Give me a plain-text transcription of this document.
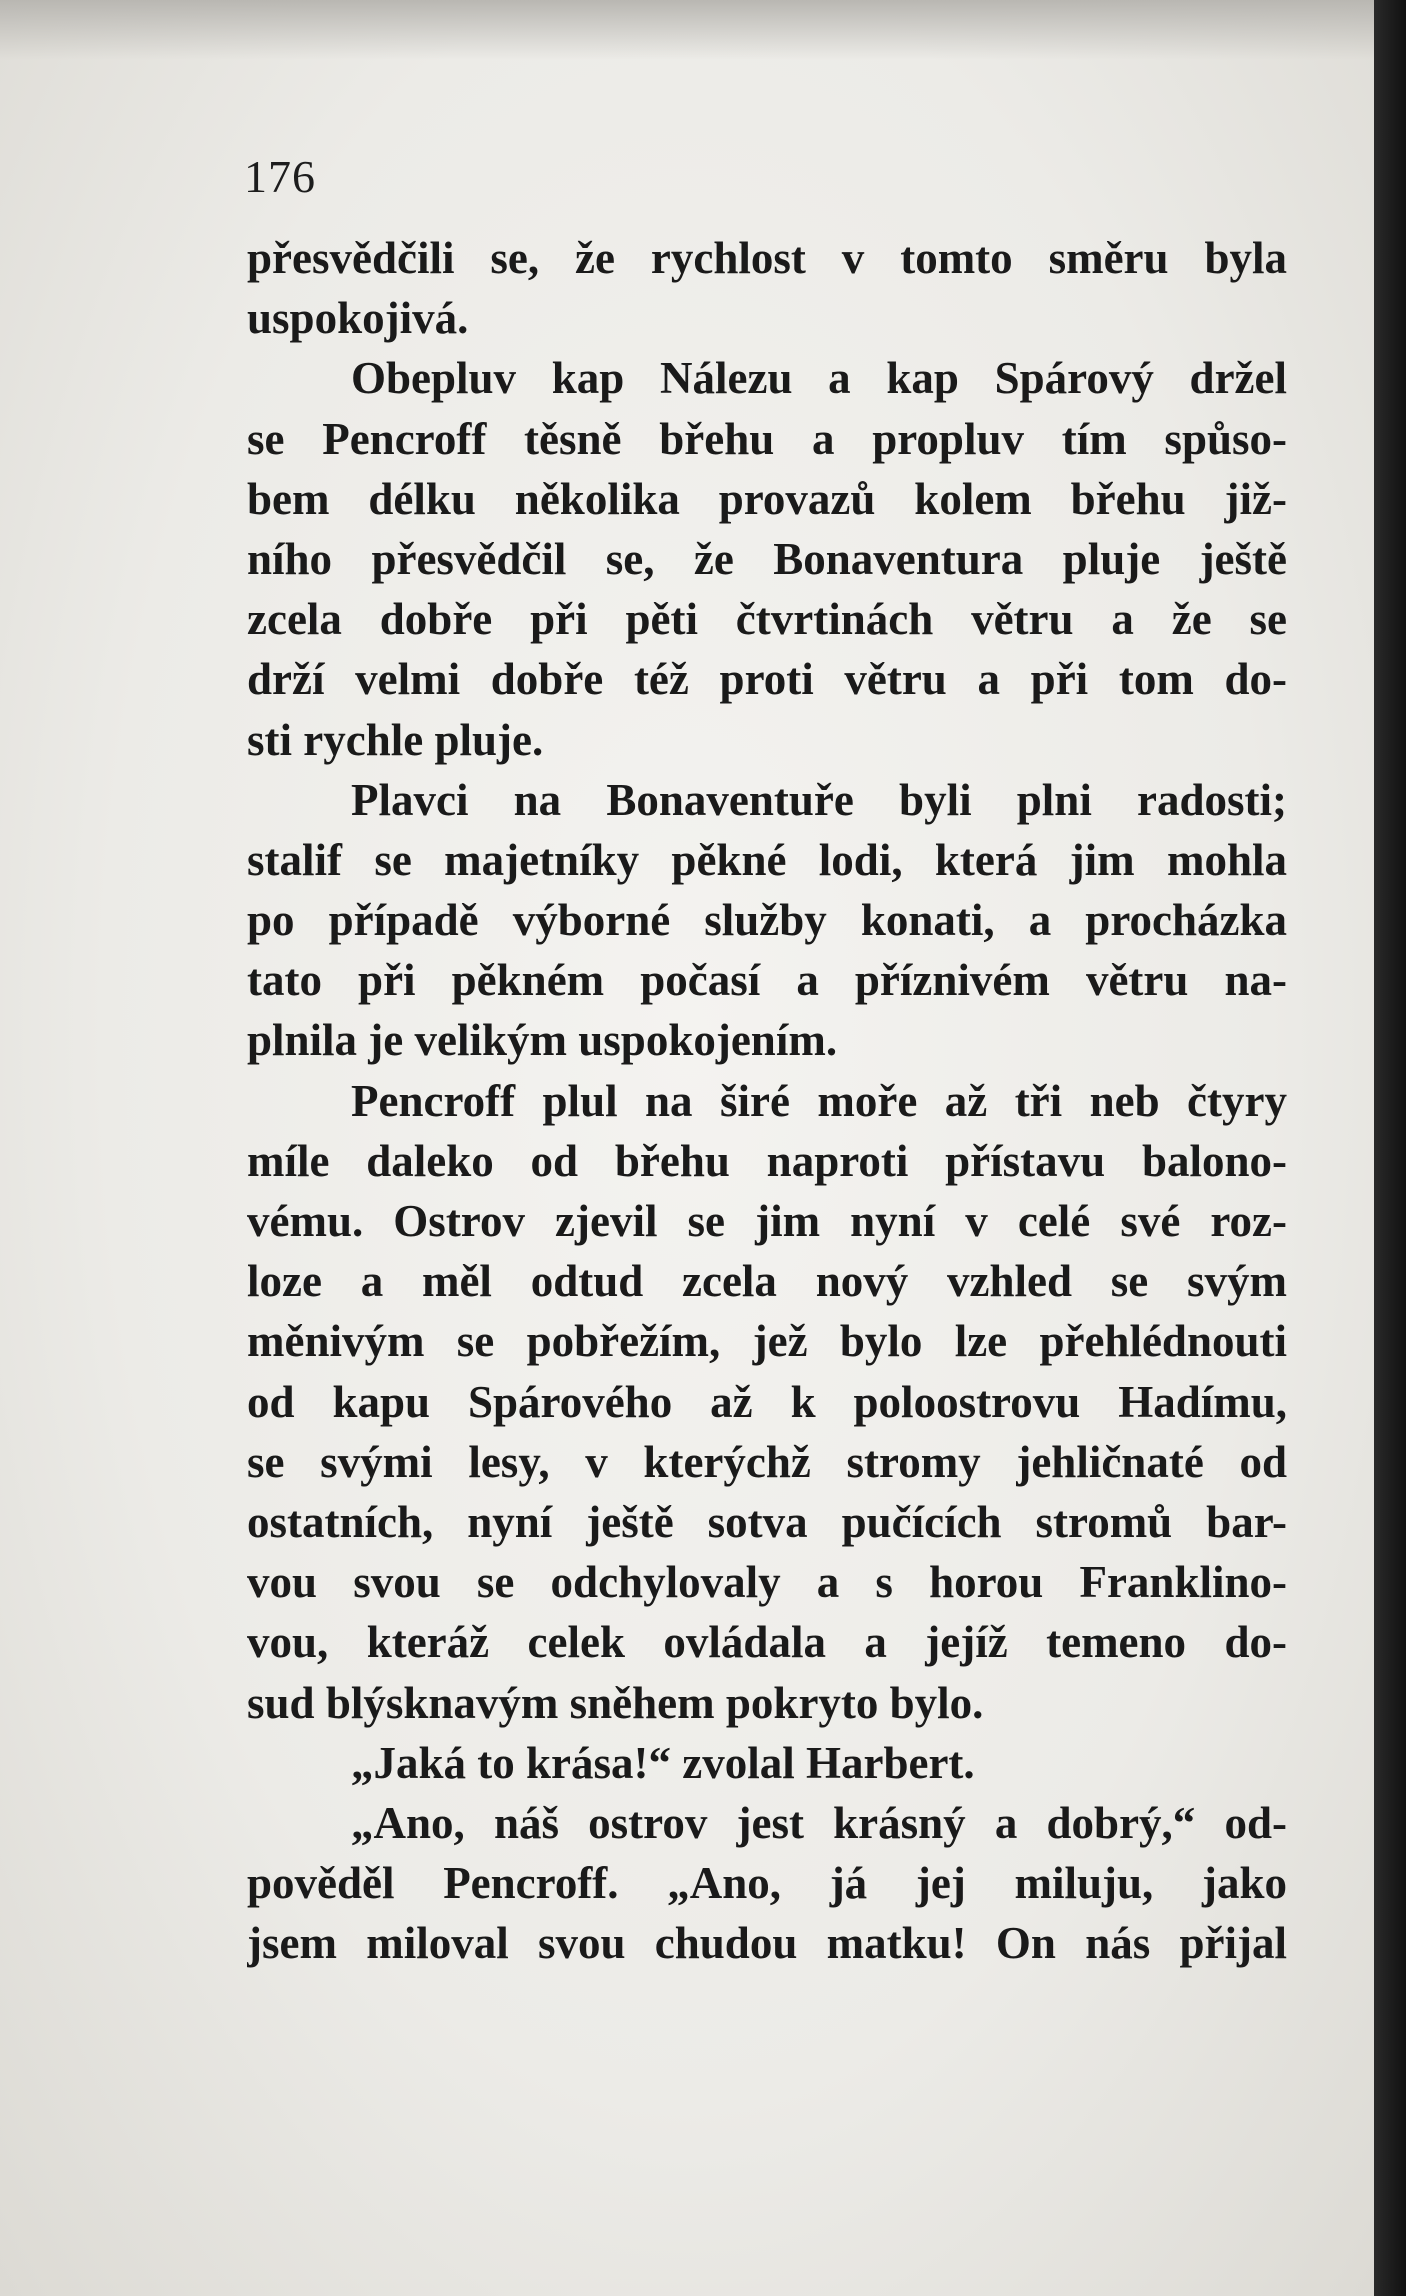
176
přesvědčili se, že rychlost v tomto směru byla
uspokojivá.
Obepluv kap Nálezu a kap Spárový držel
se Pencroff těsně břehu a propluv tím spůso-
bem délku několika provazů kolem břehu již-
ního přesvědčil se, že Bonaventura pluje ještě
zcela dobře při pěti čtvrtinách větru a že se
drží velmi dobře též proti větru a při tom do-
sti rychle pluje.
Plavci na Bonaventuře byli plni radosti;
stalif se majetníky pěkné lodi, která jim mohla
po případě výborné služby konati, a procházka
tato při pěkném počasí a příznivém větru na-
plnila je velikým uspokojením.
Pencroff plul na širé moře až tři neb čtyry
míle daleko od břehu naproti přístavu balono-
vému. Ostrov zjevil se jim nyní v celé své roz-
loze a měl odtud zcela nový vzhled se svým
měnivým se pobřežím, jež bylo lze přehlédnouti
od kapu Spárového až k poloostrovu Hadímu,
se svými lesy, v kterýchž stromy jehličnaté od
ostatních, nyní ještě sotva pučících stromů bar-
vou svou se odchylovaly a s horou Franklino-
vou, kteráž celek ovládala a jejíž temeno do-
sud blýsknavým sněhem pokryto bylo.
„Jaká to krása!“ zvolal Harbert.
„Ano, náš ostrov jest krásný a dobrý,“ od-
pověděl Pencroff. „Ano, já jej miluju, jako
jsem miloval svou chudou matku! On nás přijal
